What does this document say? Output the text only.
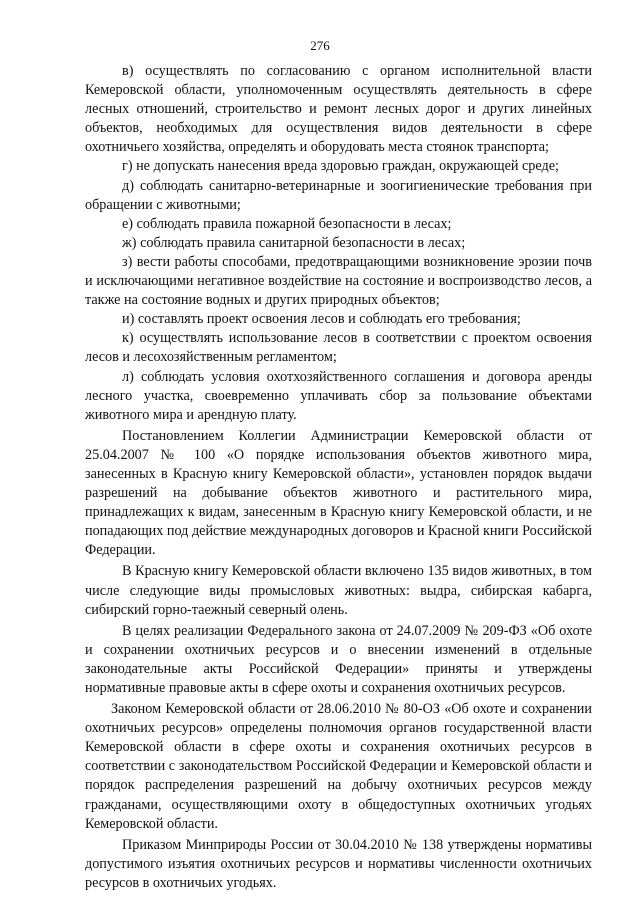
276

в) осуществлять по согласованию с органом исполнительной власти Кемеровской области, уполномоченным осуществлять деятельность в сфере лесных отношений, строительство и ремонт лесных дорог и других линейных объектов, необходимых для осуществления видов деятельности в сфере охотничьего хозяйства, определять и оборудовать места стоянок транспорта;

г) не допускать нанесения вреда здоровью граждан, окружающей среде;

д) соблюдать санитарно-ветеринарные и зоогигиенические требования при обращении с животными;

е) соблюдать правила пожарной безопасности в лесах;

ж) соблюдать правила санитарной безопасности в лесах;

з) вести работы способами, предотвращающими возникновение эрозии почв и исключающими негативное воздействие на состояние и воспроизводство лесов, а также на состояние водных и других природных объектов;

и) составлять проект освоения лесов и соблюдать его требования;

к) осуществлять использование лесов в соответствии с проектом освоения лесов и лесохозяйственным регламентом;

л) соблюдать условия охотхозяйственного соглашения и договора аренды лесного участка, своевременно уплачивать сбор за пользование объектами животного мира и арендную плату.

Постановлением Коллегии Администрации Кемеровской области от 25.04.2007 № 100 «О порядке использования объектов животного мира, занесенных в Красную книгу Кемеровской области», установлен порядок выдачи разрешений на добывание объектов животного и растительного мира, принадлежащих к видам, занесенным в Красную книгу Кемеровской области, и не попадающих под действие международных договоров и Красной книги Российской Федерации.

В Красную книгу Кемеровской области включено 135 видов животных, в том числе следующие виды промысловых животных: выдра, сибирская кабарга, сибирский горно-таежный северный олень.

В целях реализации Федерального закона от 24.07.2009 № 209-ФЗ «Об охоте и сохранении охотничьих ресурсов и о внесении изменений в отдельные законодательные акты Российской Федерации» приняты и утверждены нормативные правовые акты в сфере охоты и сохранения охотничьих ресурсов.

Законом Кемеровской области от 28.06.2010 № 80-ОЗ «Об охоте и сохранении охотничьих ресурсов» определены полномочия органов государственной власти Кемеровской области в сфере охоты и сохранения охотничьих ресурсов в соответствии с законодательством Российской Федерации и Кемеровской области и порядок распределения разрешений на добычу охотничьих ресурсов между гражданами, осуществляющими охоту в общедоступных охотничьих угодьях Кемеровской области.

Приказом Минприроды России от 30.04.2010 № 138 утверждены нормативы допустимого изъятия охотничьих ресурсов и нормативы численности охотничьих ресурсов в охотничьих угодьях.
